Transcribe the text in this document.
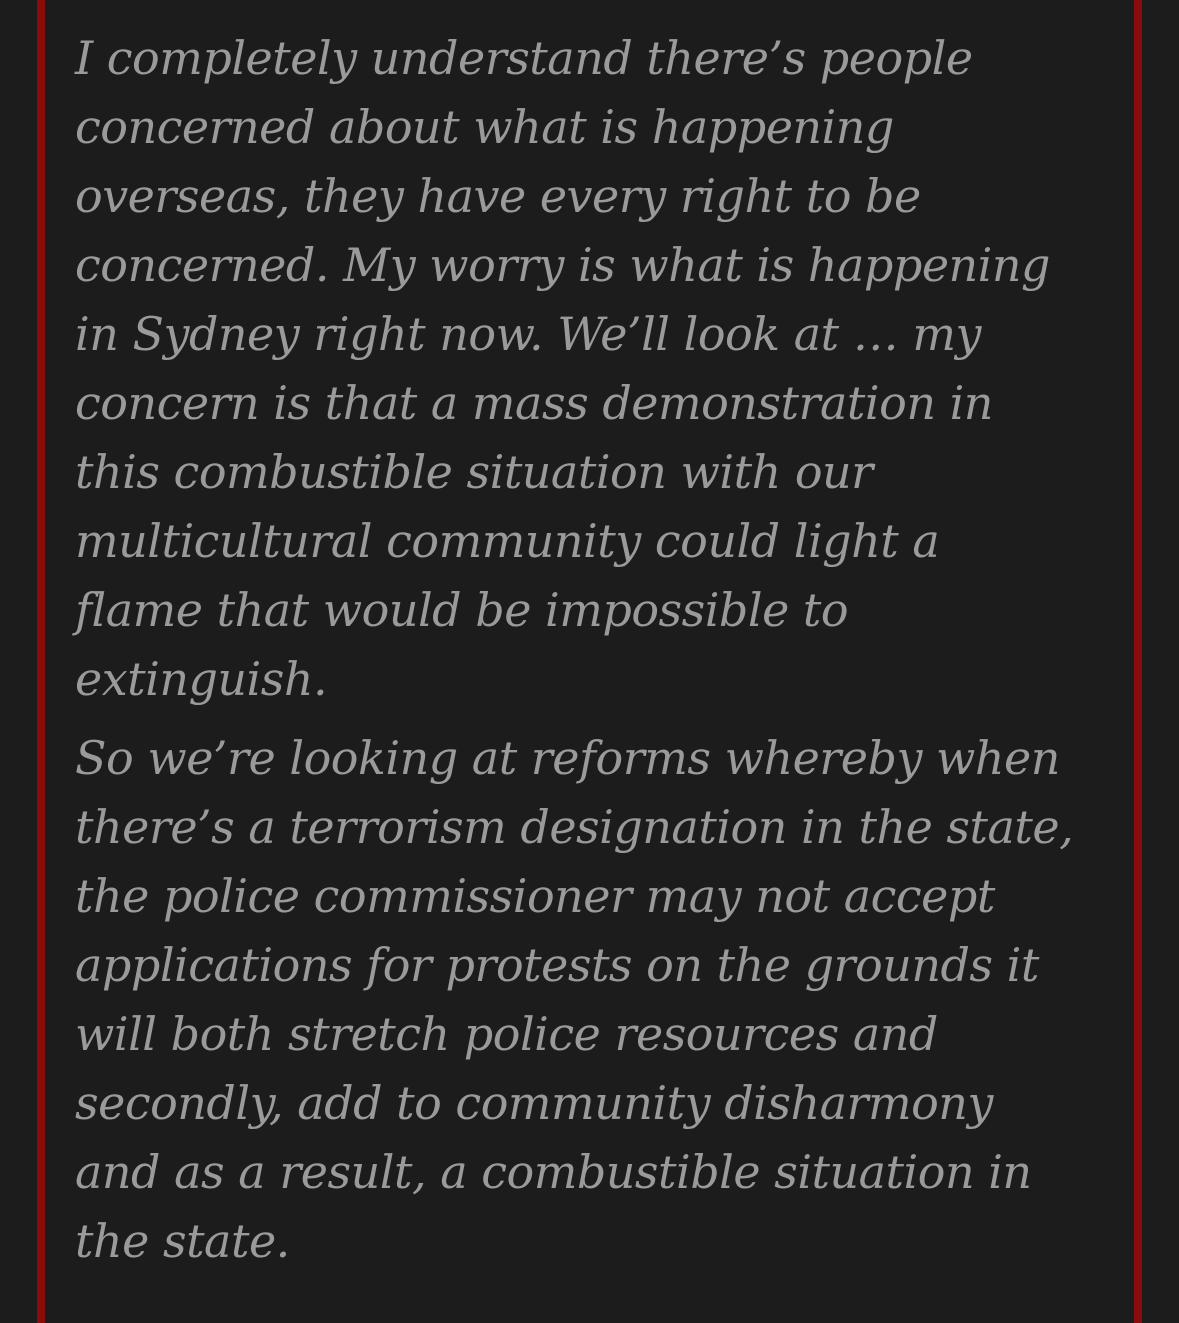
I completely understand there’s people
concerned about what is happening
overseas, they have every right to be
concerned. My worry is what is happening
in Sydney right now. We’ll look at … my
concern is that a mass demonstration in
this combustible situation with our
multicultural community could light a
flame that would be impossible to
extinguish.

So we’re looking at reforms whereby when
there’s a terrorism designation in the state,
the police commissioner may not accept
applications for protests on the grounds it
will both stretch police resources and
secondly, add to community disharmony
and as a result, a combustible situation in
the state.
